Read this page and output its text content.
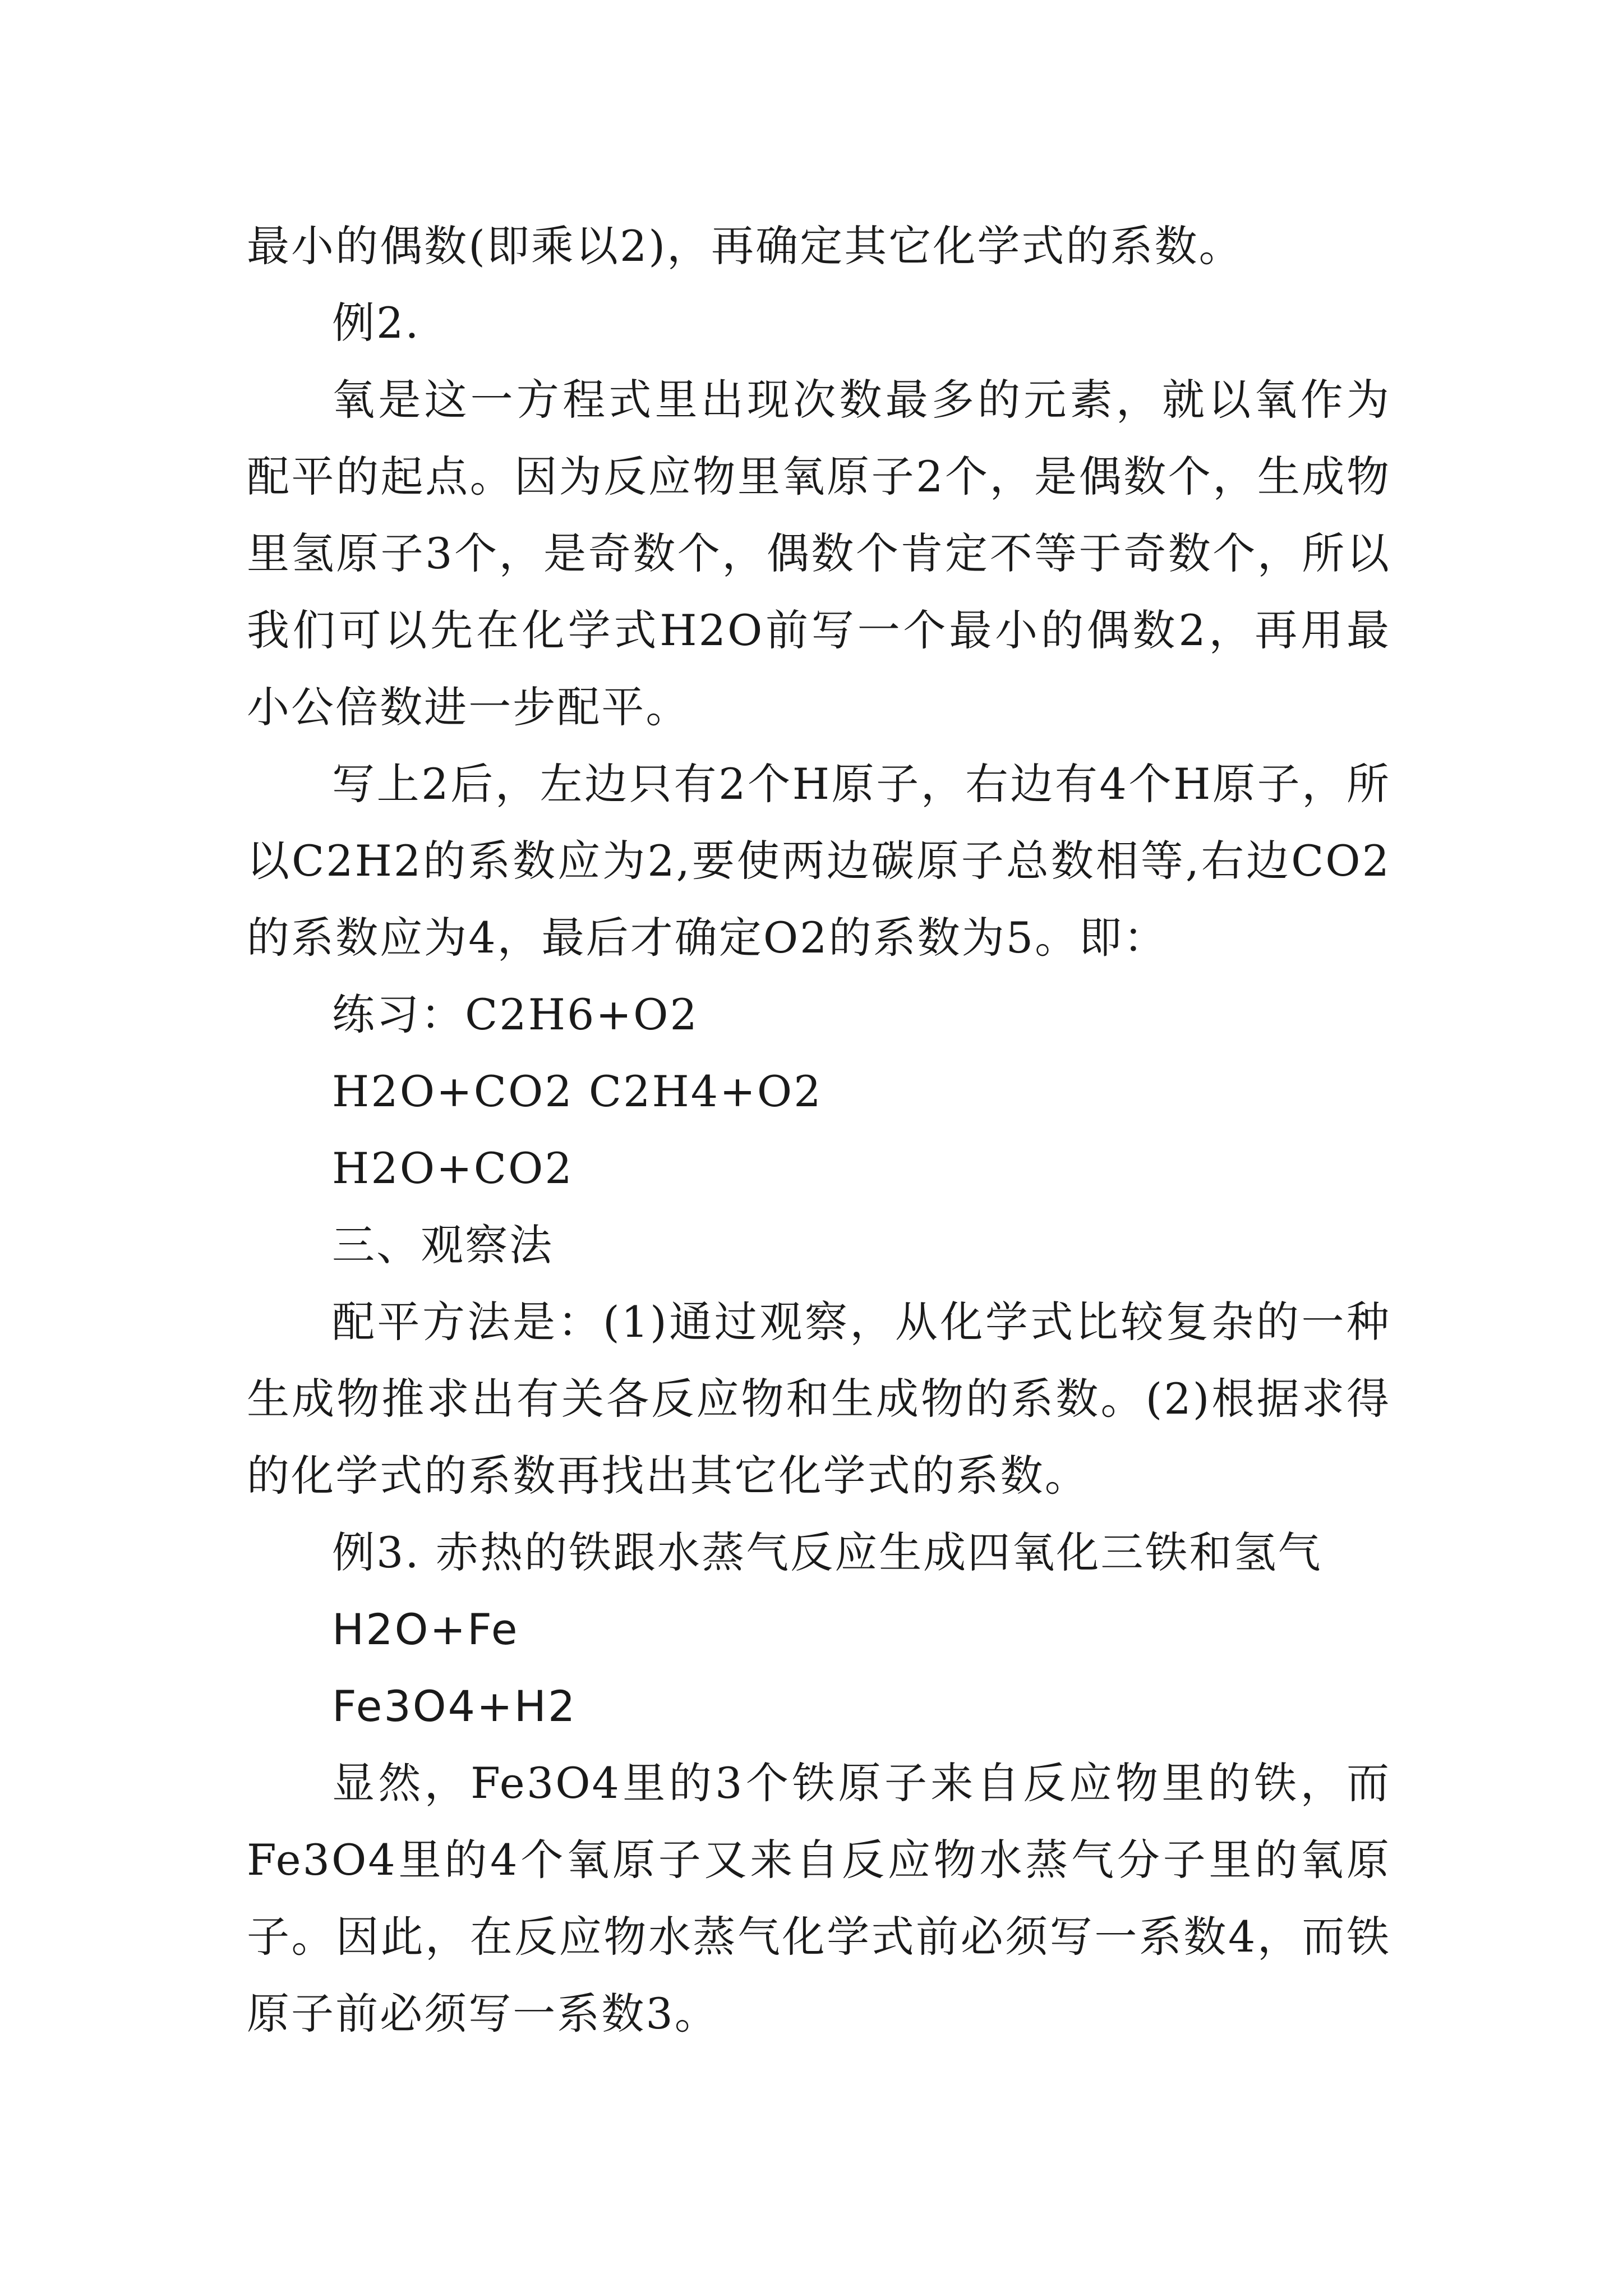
最小的偶数(即乘以2)，再确定其它化学式的系数。

例2.

氧是这一方程式里出现次数最多的元素，就以氧作为配平的起点。因为反应物里氧原子2个，是偶数个，生成物里氢原子3个，是奇数个，偶数个肯定不等于奇数个，所以我们可以先在化学式H2O前写一个最小的偶数2，再用最小公倍数进一步配平。

写上2后，左边只有2个H原子，右边有4个H原子，所以C2H2的系数应为2,要使两边碳原子总数相等,右边CO2的系数应为4，最后才确定O2的系数为5。即：

练习：C2H6+O2

H2O+CO2 C2H4+O2

H2O+CO2

三、观察法

配平方法是：(1)通过观察，从化学式比较复杂的一种生成物推求出有关各反应物和生成物的系数。(2)根据求得的化学式的系数再找出其它化学式的系数。

例3. 赤热的铁跟水蒸气反应生成四氧化三铁和氢气

H2O+Fe

Fe3O4+H2

显然，Fe3O4里的3个铁原子来自反应物里的铁，而Fe3O4里的4个氧原子又来自反应物水蒸气分子里的氧原子。因此，在反应物水蒸气化学式前必须写一系数4，而铁原子前必须写一系数3。
